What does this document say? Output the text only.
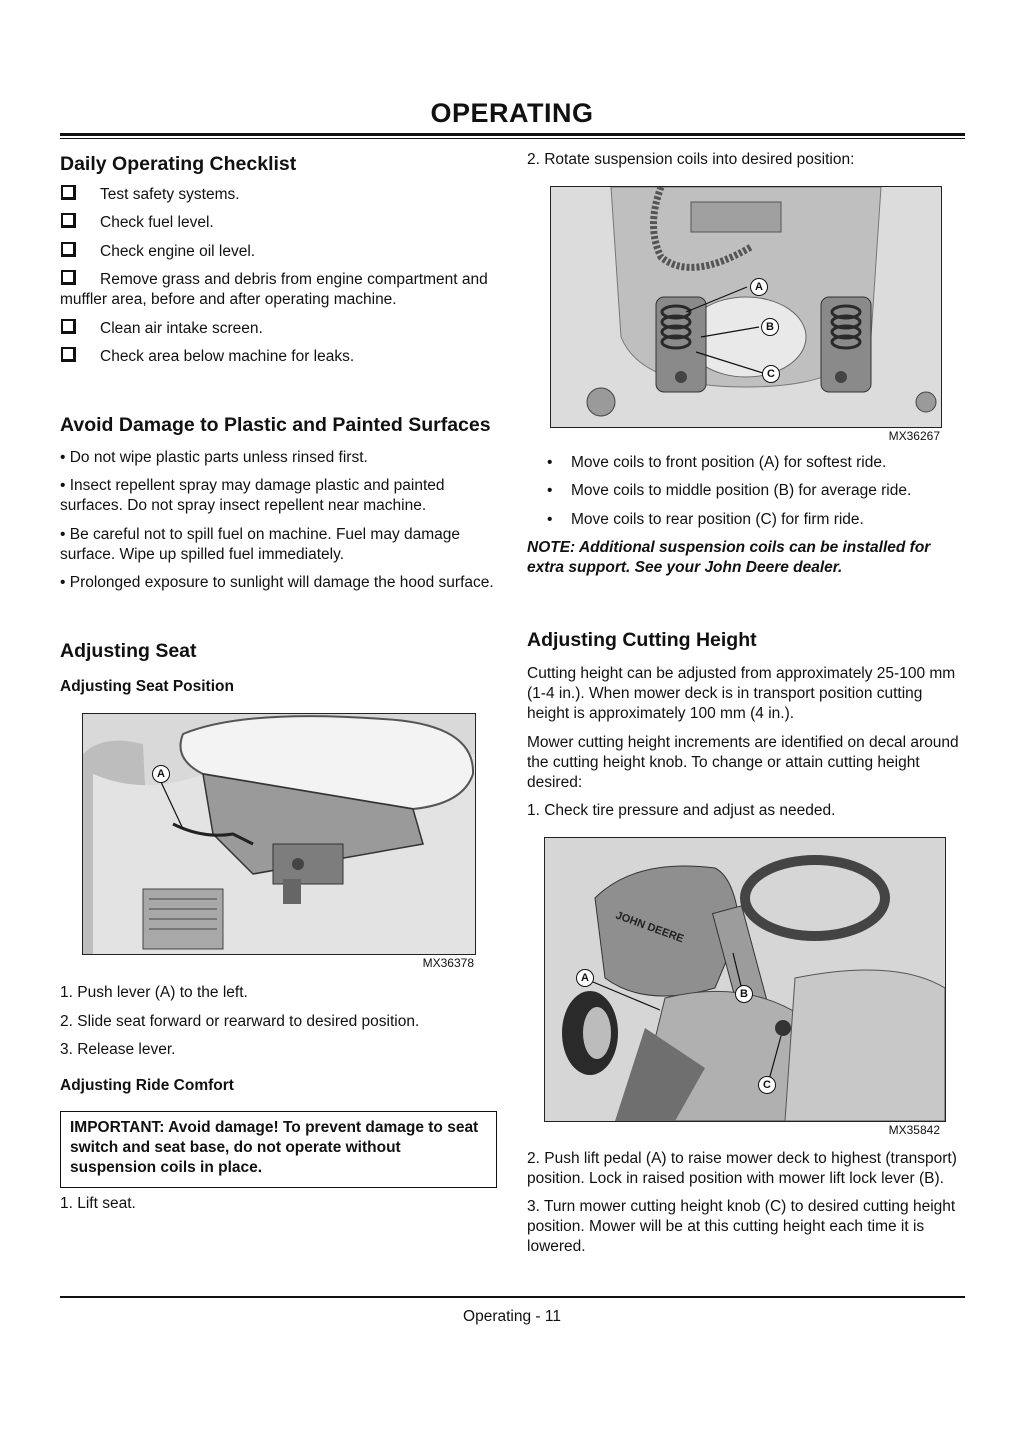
OPERATING
Daily Operating Checklist
Test safety systems.
Check fuel level.
Check engine oil level.
Remove grass and debris from engine compartment and muffler area, before and after operating machine.
Clean air intake screen.
Check area below machine for leaks.
Avoid Damage to Plastic and Painted Surfaces

• Do not wipe plastic parts unless rinsed first.

• Insect repellent spray may damage plastic and painted surfaces. Do not spray insect repellent near machine.

• Be careful not to spill fuel on machine. Fuel may damage surface. Wipe up spilled fuel immediately.

• Prolonged exposure to sunlight will damage the hood surface.

Adjusting Seat
Adjusting Seat Position
A
MX36378

1. Push lever (A) to the left.

2. Slide seat forward or rearward to desired position.

3. Release lever.

Adjusting Ride Comfort
IMPORTANT: Avoid damage! To prevent damage to seat switch and seat base, do not operate without suspension coils in place.

1. Lift seat.

2. Rotate suspension coils into desired position:

A
B
C
MX36267

• Move coils to front position (A) for softest ride.

• Move coils to middle position (B) for average ride.

• Move coils to rear position (C) for firm ride.

NOTE: Additional suspension coils can be installed for extra support. See your John Deere dealer.

Adjusting Cutting Height

Cutting height can be adjusted from approximately 25-100 mm (1-4 in.). When mower deck is in transport position cutting height is approximately 100 mm (4 in.).

Mower cutting height increments are identified on decal around the cutting height knob. To change or attain cutting height desired:

1. Check tire pressure and adjust as needed.

JOHN DEERE
A
B
C
MX35842

2. Push lift pedal (A) to raise mower deck to highest (transport) position. Lock in raised position with mower lift lock lever (B).

3. Turn mower cutting height knob (C) to desired cutting height position. Mower will be at this cutting height each time it is lowered.

Operating - 11
